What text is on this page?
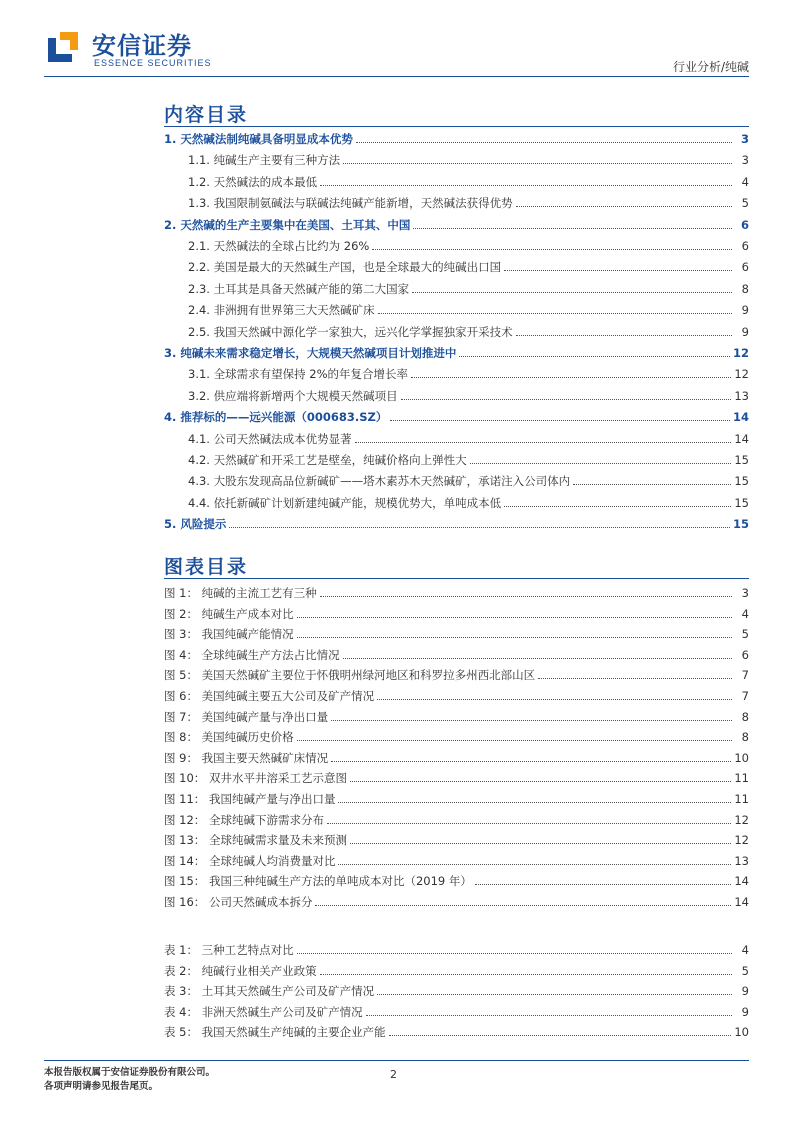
安信证券
ESSENCE SECURITIES	行业分析/纯碱
内容目录
1. 天然碱法制纯碱具备明显成本优势	3
1.1. 纯碱生产主要有三种方法	3
1.2. 天然碱法的成本最低	4
1.3. 我国限制氨碱法与联碱法纯碱产能新增，天然碱法获得优势	5
2. 天然碱的生产主要集中在美国、土耳其、中国	6
2.1. 天然碱法的全球占比约为 26%	6
2.2. 美国是最大的天然碱生产国，也是全球最大的纯碱出口国	6
2.3. 土耳其是具备天然碱产能的第二大国家	8
2.4. 非洲拥有世界第三大天然碱矿床	9
2.5. 我国天然碱中源化学一家独大，远兴化学掌握独家开采技术	9
3. 纯碱未来需求稳定增长，大规模天然碱项目计划推进中	12
3.1. 全球需求有望保持 2%的年复合增长率	12
3.2. 供应端将新增两个大规模天然碱项目	13
4. 推荐标的——远兴能源（000683.SZ）	14
4.1. 公司天然碱法成本优势显著	14
4.2. 天然碱矿和开采工艺是壁垒，纯碱价格向上弹性大	15
4.3. 大股东发现高品位新碱矿——塔木素苏木天然碱矿，承诺注入公司体内	15
4.4. 依托新碱矿计划新建纯碱产能，规模优势大，单吨成本低	15
5. 风险提示	15
图表目录
图 1： 纯碱的主流工艺有三种	3
图 2： 纯碱生产成本对比	4
图 3： 我国纯碱产能情况	5
图 4： 全球纯碱生产方法占比情况	6
图 5： 美国天然碱矿主要位于怀俄明州绿河地区和科罗拉多州西北部山区	7
图 6： 美国纯碱主要五大公司及矿产情况	7
图 7： 美国纯碱产量与净出口量	8
图 8： 美国纯碱历史价格	8
图 9： 我国主要天然碱矿床情况	10
图 10： 双井水平井溶采工艺示意图	11
图 11： 我国纯碱产量与净出口量	11
图 12： 全球纯碱下游需求分布	12
图 13： 全球纯碱需求量及未来预测	12
图 14： 全球纯碱人均消费量对比	13
图 15： 我国三种纯碱生产方法的单吨成本对比（2019 年）	14
图 16： 公司天然碱成本拆分	14
表 1： 三种工艺特点对比	4
表 2： 纯碱行业相关产业政策	5
表 3： 土耳其天然碱生产公司及矿产情况	9
表 4： 非洲天然碱生产公司及矿产情况	9
表 5： 我国天然碱生产纯碱的主要企业产能	10
本报告版权属于安信证券股份有限公司。
各项声明请参见报告尾页。
2
